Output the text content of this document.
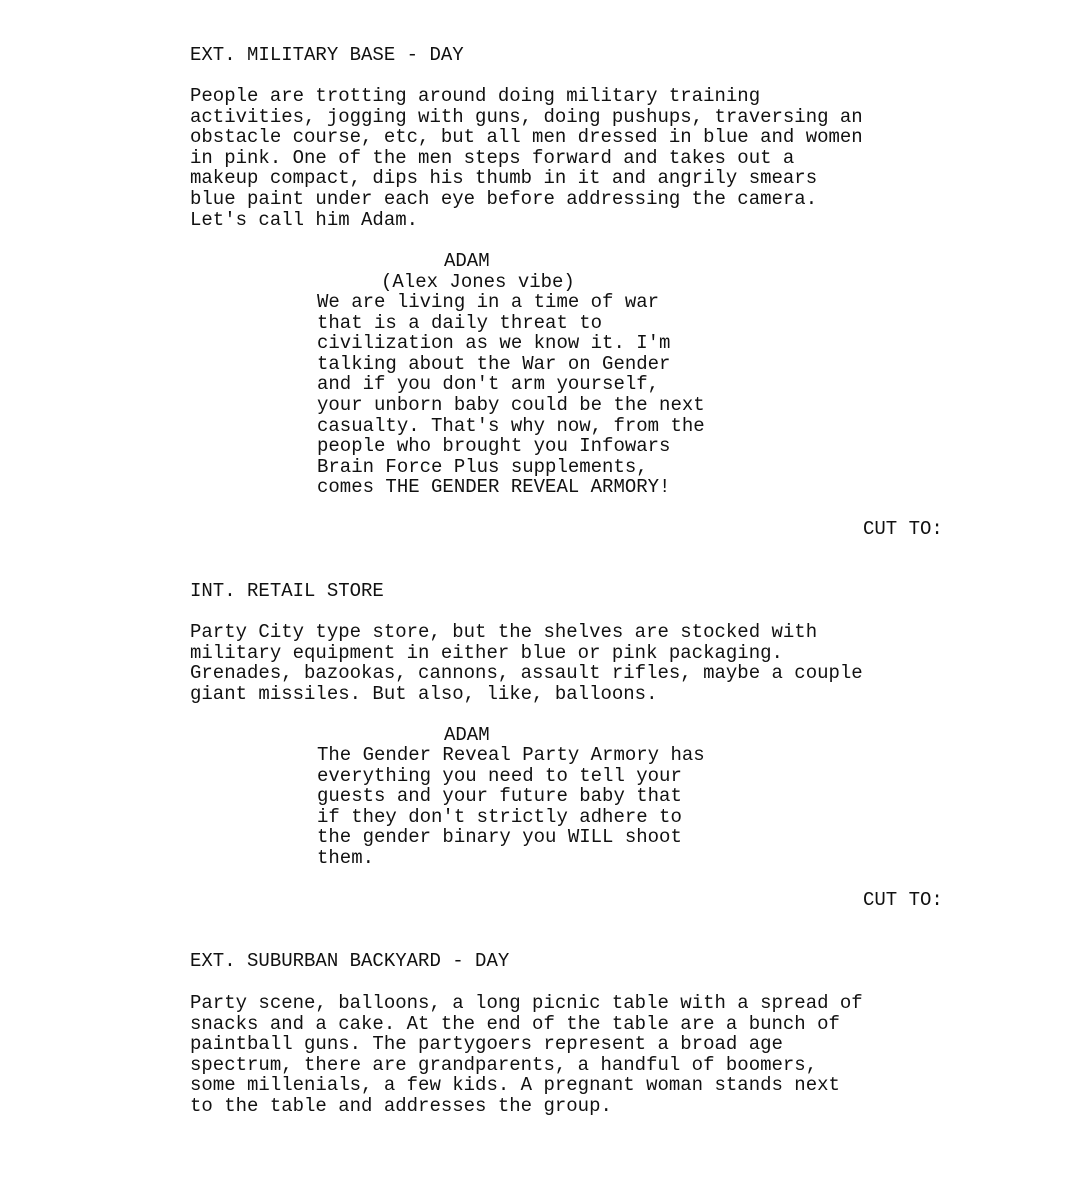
EXT. MILITARY BASE - DAY
People are trotting around doing military training
activities, jogging with guns, doing pushups, traversing an
obstacle course, etc, but all men dressed in blue and women
in pink. One of the men steps forward and takes out a
makeup compact, dips his thumb in it and angrily smears
blue paint under each eye before addressing the camera.
Let's call him Adam.
ADAM
(Alex Jones vibe)
We are living in a time of war
that is a daily threat to
civilization as we know it. I'm
talking about the War on Gender
and if you don't arm yourself,
your unborn baby could be the next
casualty. That's why now, from the
people who brought you Infowars
Brain Force Plus supplements,
comes THE GENDER REVEAL ARMORY!
CUT TO:
INT. RETAIL STORE
Party City type store, but the shelves are stocked with
military equipment in either blue or pink packaging.
Grenades, bazookas, cannons, assault rifles, maybe a couple
giant missiles. But also, like, balloons.
ADAM
The Gender Reveal Party Armory has
everything you need to tell your
guests and your future baby that
if they don't strictly adhere to
the gender binary you WILL shoot
them.
CUT TO:
EXT. SUBURBAN BACKYARD - DAY
Party scene, balloons, a long picnic table with a spread of
snacks and a cake. At the end of the table are a bunch of
paintball guns. The partygoers represent a broad age
spectrum, there are grandparents, a handful of boomers,
some millenials, a few kids. A pregnant woman stands next
to the table and addresses the group.
